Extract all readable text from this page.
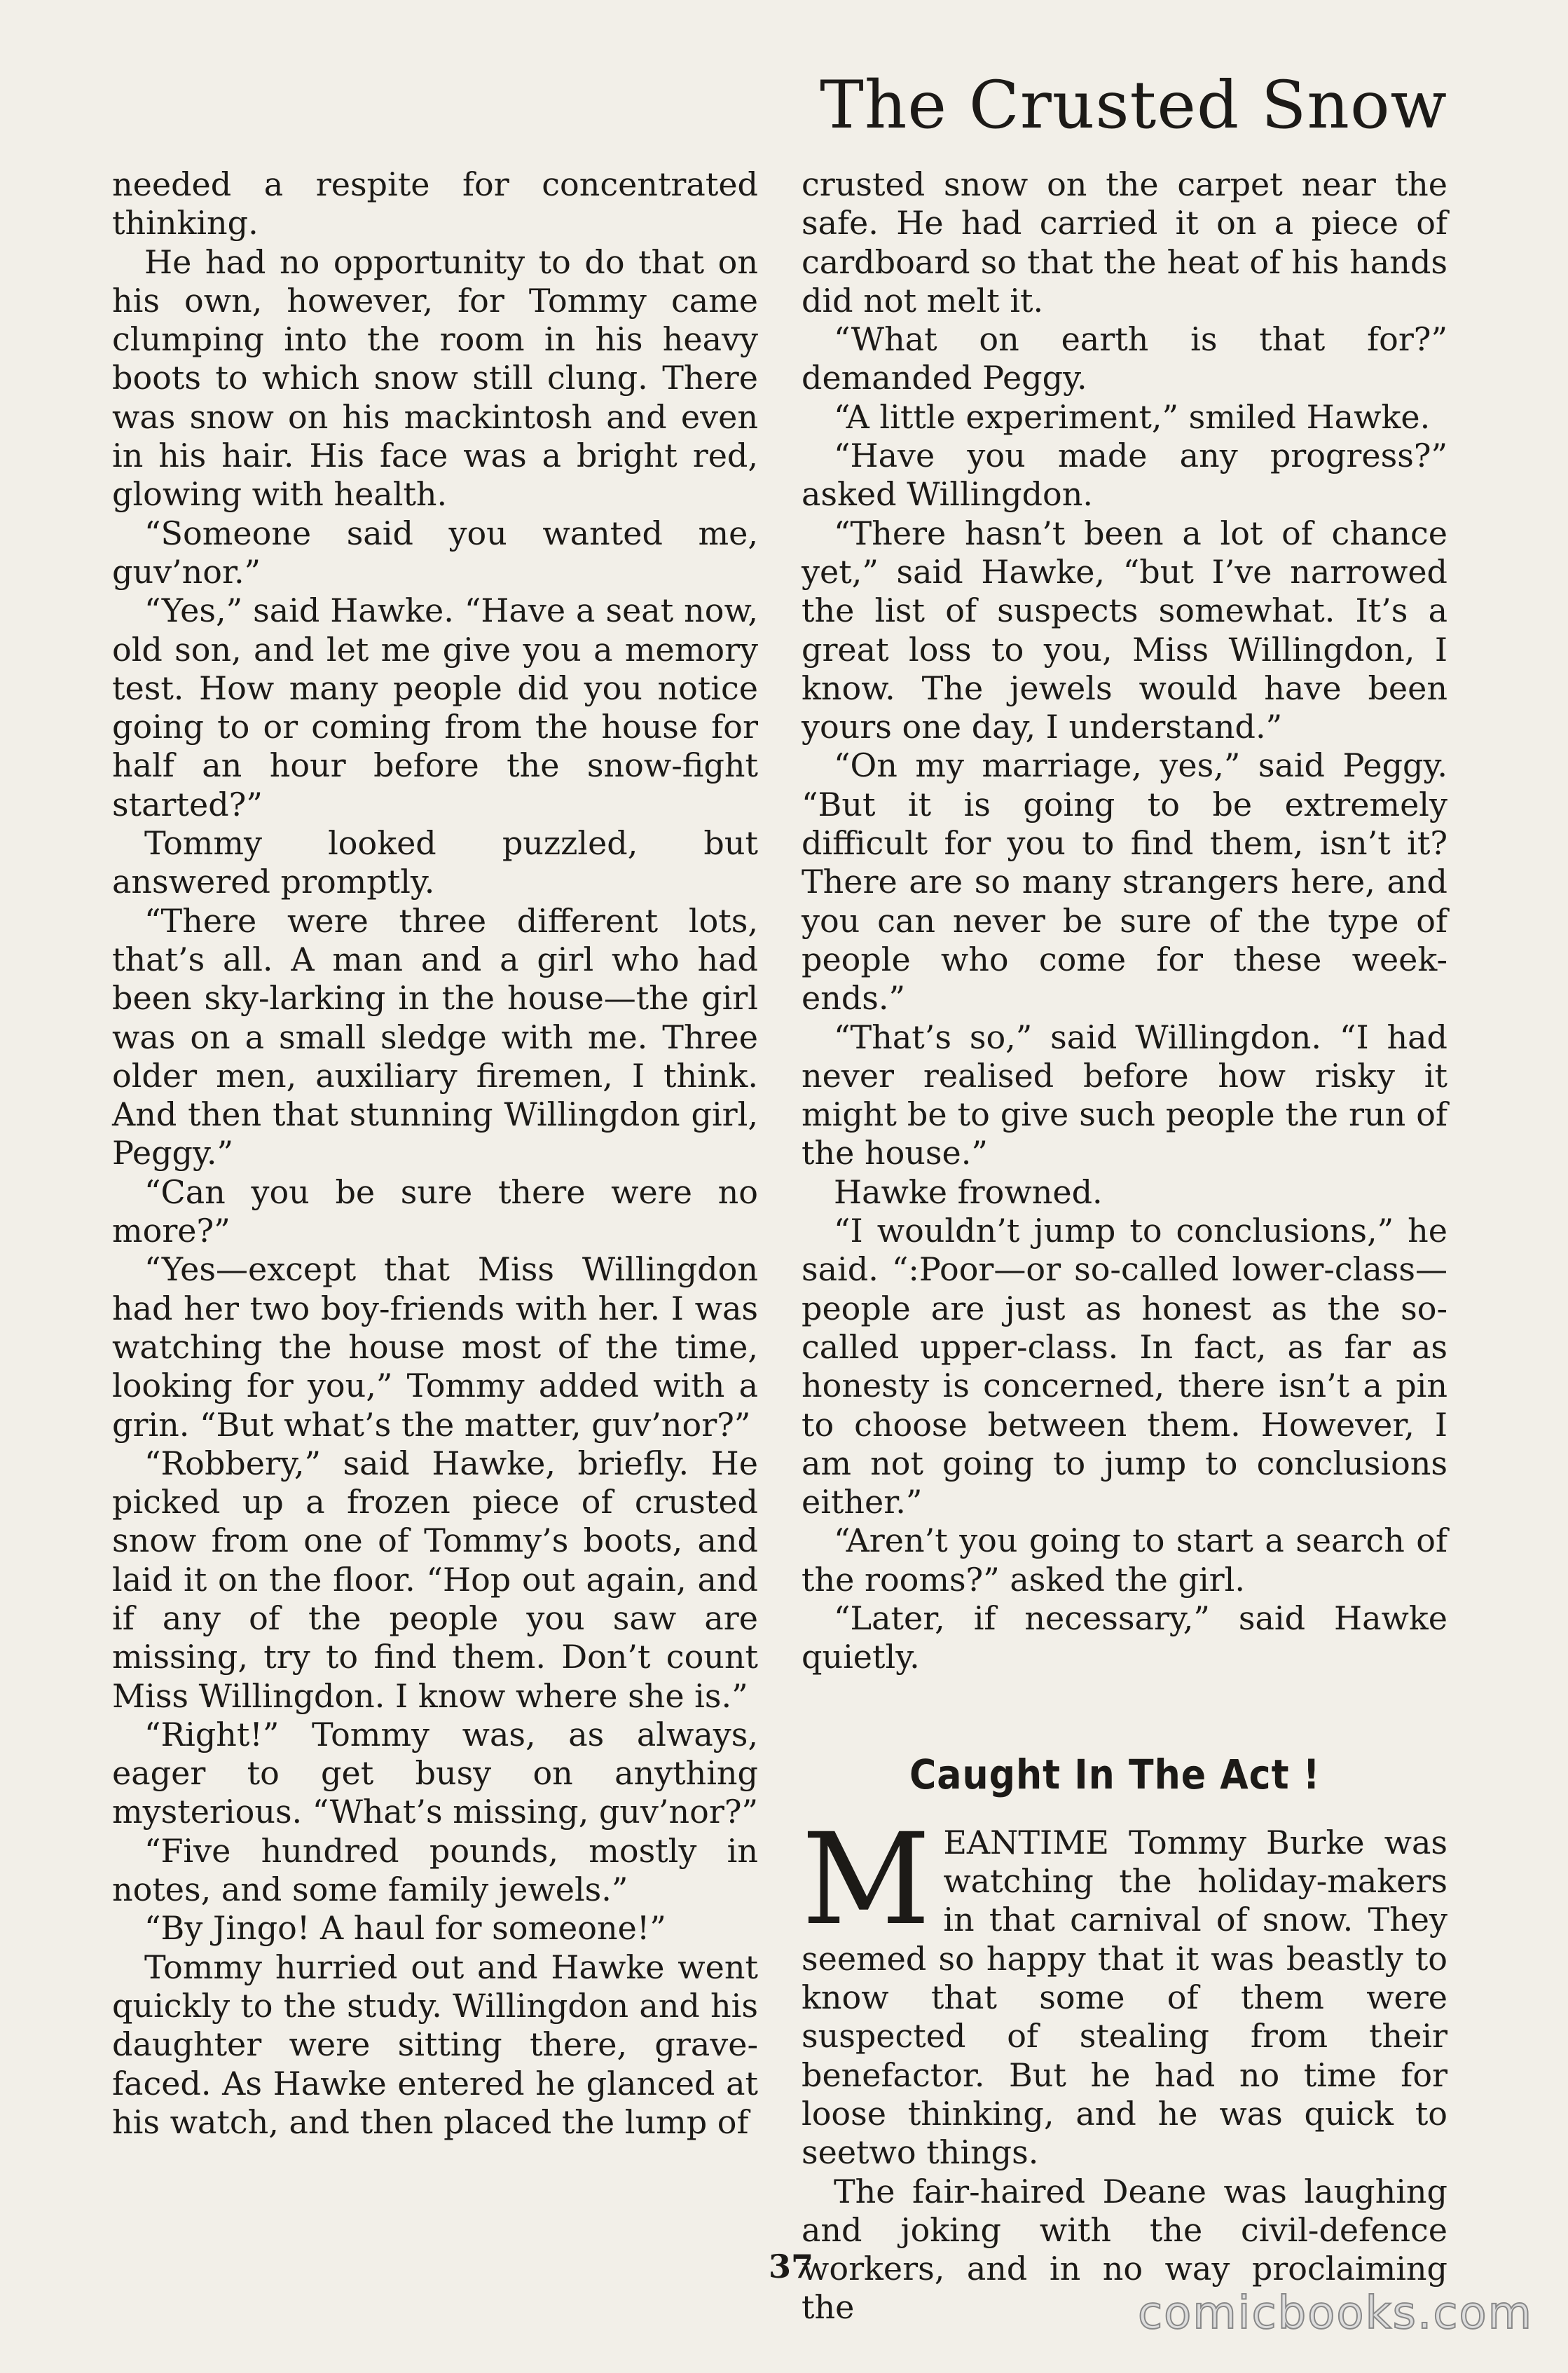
The Crusted Snow

needed a respite for concentrated thinking.

He had no opportunity to do that on his own, however, for Tommy came clumping into the room in his heavy boots to which snow still clung. There was snow on his mackintosh and even in his hair. His face was a bright red, glowing with health.

“Someone said you wanted me, guv’nor.”

“Yes,” said Hawke. “Have a seat now, old son, and let me give you a memory test. How many people did you notice going to or coming from the house for half an hour before the snow-fight started?”

Tommy looked puzzled, but answered promptly.

“There were three different lots, that’s all. A man and a girl who had been sky-larking in the house—the girl was on a small sledge with me. Three older men, auxiliary firemen, I think. And then that stunning Willingdon girl, Peggy.”

“Can you be sure there were no more?”

“Yes—except that Miss Willingdon had her two boy-friends with her. I was watching the house most of the time, looking for you,” Tommy added with a grin. “But what’s the matter, guv’nor?”

“Robbery,” said Hawke, briefly. He picked up a frozen piece of crusted snow from one of Tommy’s boots, and laid it on the floor. “Hop out again, and if any of the people you saw are missing, try to find them. Don’t count Miss Willingdon. I know where she is.”

“Right!” Tommy was, as always, eager to get busy on anything mysterious. “What’s missing, guv’nor?”

“Five hundred pounds, mostly in notes, and some family jewels.”

“By Jingo! A haul for someone!”

Tommy hurried out and Hawke went quickly to the study. Willingdon and his daughter were sitting there, grave-faced. As Hawke entered he glanced at his watch, and then placed the lump of

crusted snow on the carpet near the safe. He had carried it on a piece of cardboard so that the heat of his hands did not melt it.

“What on earth is that for?” demanded Peggy.

“A little experiment,” smiled Hawke.

“Have you made any progress?” asked Willingdon.

“There hasn’t been a lot of chance yet,” said Hawke, “but I’ve narrowed the list of suspects somewhat. It’s a great loss to you, Miss Willingdon, I know. The jewels would have been yours one day, I understand.”

“On my marriage, yes,” said Peggy. “But it is going to be extremely difficult for you to find them, isn’t it? There are so many strangers here, and you can never be sure of the type of people who come for these week-ends.”

“That’s so,” said Willingdon. “I had never realised before how risky it might be to give such people the run of the house.”

Hawke frowned.

“I wouldn’t jump to conclusions,” he said. “:Poor—or so-called lower-class—people are just as honest as the so-called upper-class. In fact, as far as honesty is concerned, there isn’t a pin to choose between them. However, I am not going to jump to conclusions either.”

“Aren’t you going to start a search of the rooms?” asked the girl.

“Later, if necessary,” said Hawke quietly.

Caught In The Act !

MEANTIME Tommy Burke was watching the holiday-makers in that carnival of snow. They seemed so happy that it was beastly to know that some of them were suspected of stealing from their benefactor. But he had no time for loose thinking, and he was quick to seetwo things.

The fair-haired Deane was laughing and joking with the civil-defence workers, and in no way proclaiming the

37
comicbooks.com
